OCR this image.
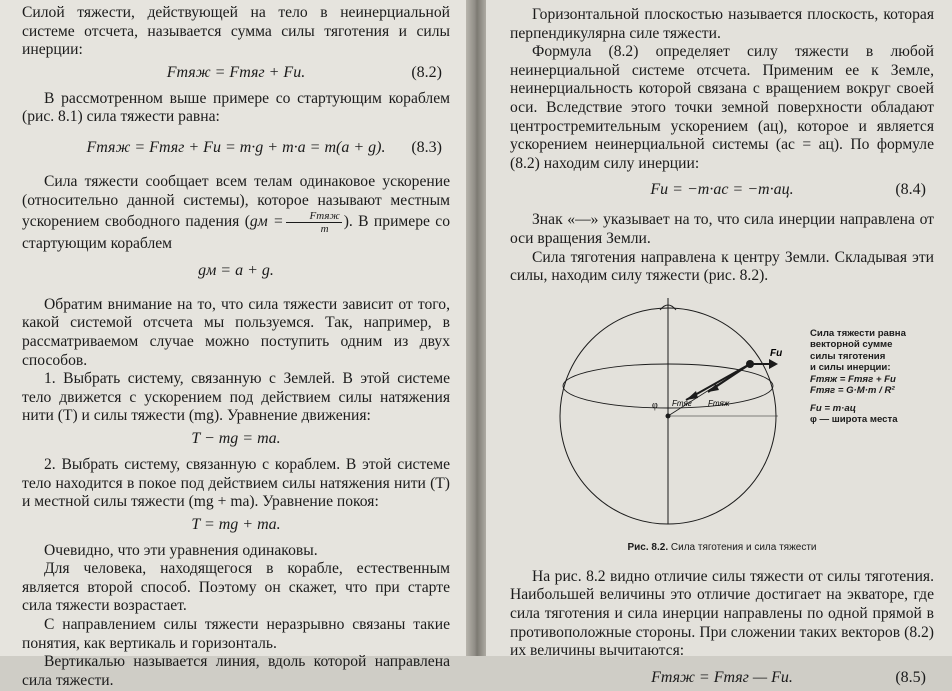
Силой тяжести, действующей на тело в неинерциальной системе отсчета, называется сумма силы тяготения и силы инерции:

Fтяж = Fтяг + Fи.	(8.2)

В рассмотренном выше примере со стартующим кораблем (рис. 8.1) сила тяжести равна:

Fтяж = Fтяг + Fи = m·g + m·a = m(a + g). (8.3)

Сила тяжести сообщает всем телам одинаковое ускорение (относительно данной системы), которое называют местным ускорением свободного падения ($gм = \frac{\text{Fтяж}}{m}$ ). В примере со стартующим кораблем

gм = a + g.

Обратим внимание на то, что сила тяжести зависит от того, какой системой отсчета мы пользуемся. Так, например, в рассматриваемом случае можно поступить одним из двух способов.

1. Выбрать систему, связанную с Землей. В этой системе тело движется с ускорением под действием силы натяжения нити (T) и силы тяжести (mg). Уравнение движения:

T − mg = ma.

2. Выбрать систему, связанную с кораблем. В этой системе тело находится в покое под действием силы натяжения нити (T) и местной силы тяжести (mg + ma). Уравнение покоя:

T = mg + ma.

Очевидно, что эти уравнения одинаковы.

Для человека, находящегося в корабле, естественным является второй способ. Поэтому он скажет, что при старте сила тяжести возрастает.

С направлением силы тяжести неразрывно связаны такие понятия, как вертикаль и горизонталь.

Вертикалью называется линия, вдоль которой направлена сила тяжести.

Горизонтальной плоскостью называется плоскость, которая перпендикулярна силе тяжести.

Формула (8.2) определяет силу тяжести в любой неинерциальной системе отсчета. Применим ее к Земле, неинерциальность которой связана с вращением вокруг своей оси. Вследствие этого точки земной поверхности обладают центростремительным ускорением (aц), которое и является ускорением неинерциальной системы (ac = aц). По формуле (8.2) находим силу инерции:

Fи = −m·ac = −m·aц.	(8.4)

Знак «—» указывает на то, что сила инерции направлена от оси вращения Земли.

Сила тяготения направлена к центру Земли. Складывая эти силы, находим силу тяжести (рис. 8.2).

Fи
Fтяг Fтяж
φ
Сила тяжести равна
векторной сумме
силы тяготения
и силы инерции:
Fтяж = Fтяг + Fи
Fтяг = G·M·m / R²
Fи = m·aц
φ — широта места
Рис. 8.2. Сила тяготения и сила тяжести

На рис. 8.2 видно отличие силы тяжести от силы тяготения. Наибольшей величины это отличие достигает на экваторе, где сила тяготения и сила инерции направлены по одной прямой в противоположные стороны. При сложении таких векторов (8.2) их величины вычитаются:

Fтяж = Fтяг — Fи.	(8.5)
